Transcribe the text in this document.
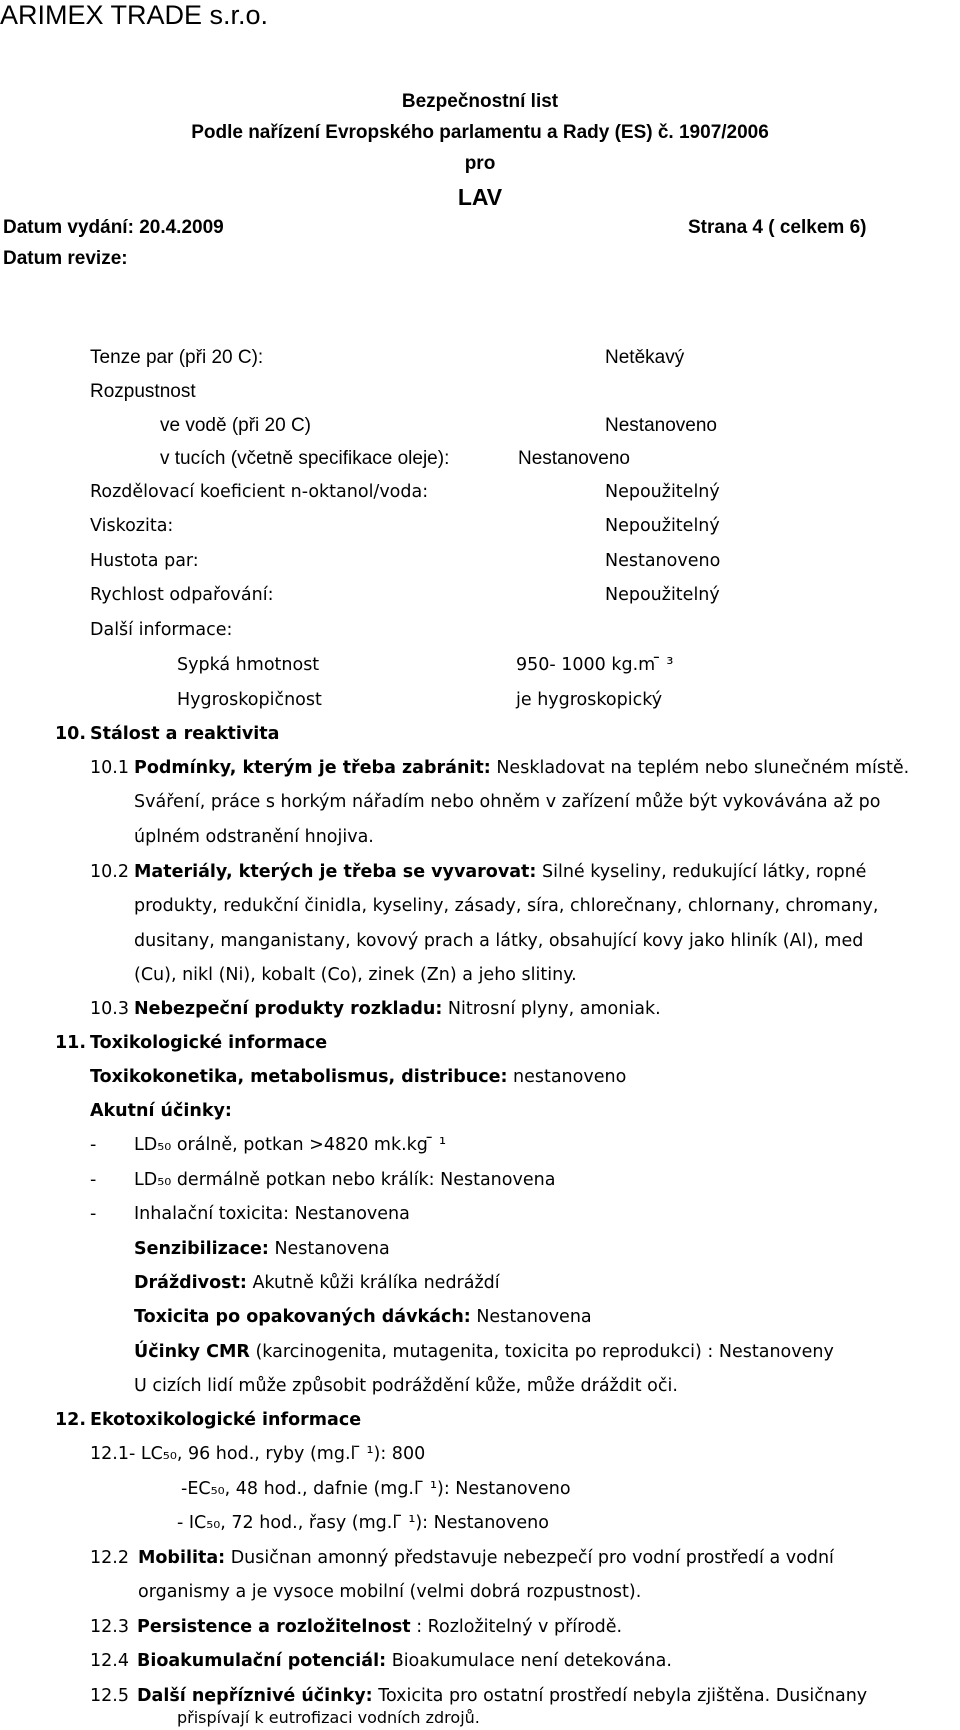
ARIMEX TRADE s.r.o.
Bezpečnostní list
Podle nařízení Evropského parlamentu a Rady (ES) č. 1907/2006
pro
LAV
Datum vydání: 20.4.2009	Strana 4 ( celkem 6)
Datum revize:
Tenze par (při 20 C):	Netěkavý
Rozpustnost
ve vodě (při 20 C)	Nestanoveno
v tucích (včetně specifikace oleje):	Nestanoveno
Rozdělovací koeficient n-oktanol/voda:	Nepoužitelný
Viskozita:	Nepoužitelný
Hustota par:	Nestanoveno
Rychlost odpařování:	Nepoužitelný
Další informace:
Sypká hmotnost	950- 1000 kg.m ̄ ³
Hygroskopičnost	je hygroskopický
10. Stálost a reaktivita
10.1 Podmínky, kterým je třeba zabránit: Neskladovat na teplém nebo slunečném místě.
Sváření, práce s horkým nářadím nebo ohněm v zařízení může být vykovávána až po
úplném odstranění hnojiva.
10.2 Materiály, kterých je třeba se vyvarovat: Silné kyseliny, redukující látky, ropné
produkty, redukční činidla, kyseliny, zásady, síra, chlorečnany, chlornany, chromany,
dusitany, manganistany, kovový prach a látky, obsahující kovy jako hliník (Al), med
(Cu), nikl (Ni), kobalt (Co), zinek (Zn) a jeho slitiny.
10.3 Nebezpeční produkty rozkladu: Nitrosní plyny, amoniak.
11. Toxikologické informace
Toxikokonetika, metabolismus, distribuce: nestanoveno
Akutní účinky:
- LD₅₀ orálně, potkan >4820 mk.kg ̄ ¹
- LD₅₀ dermálně potkan nebo králík: Nestanovena
- Inhalační toxicita: Nestanovena
Senzibilizace: Nestanovena
Dráždivost: Akutně kůži králíka nedráždí
Toxicita po opakovaných dávkách: Nestanovena
Účinky CMR (karcinogenita, mutagenita, toxicita po reprodukci) : Nestanoveny
U cizích lidí může způsobit podráždění kůže, může dráždit oči.
12. Ekotoxikologické informace
12.1- LC₅₀, 96 hod., ryby (mg.l ̄ ¹): 800
-EC₅₀, 48 hod., dafnie (mg.l ̄ ¹): Nestanoveno
- IC₅₀, 72 hod., řasy (mg.l ̄ ¹): Nestanoveno
12.2 Mobilita: Dusičnan amonný představuje nebezpečí pro vodní prostředí a vodní
organismy a je vysoce mobilní (velmi dobrá rozpustnost).
12.3 Persistence a rozložitelnost : Rozložitelný v přírodě.
12.4 Bioakumulační potenciál: Bioakumulace není detekována.
12.5 Další nepříznivé účinky: Toxicita pro ostatní prostředí nebyla zjištěna. Dusičnany
přispívají k eutrofizaci vodních zdrojů.
